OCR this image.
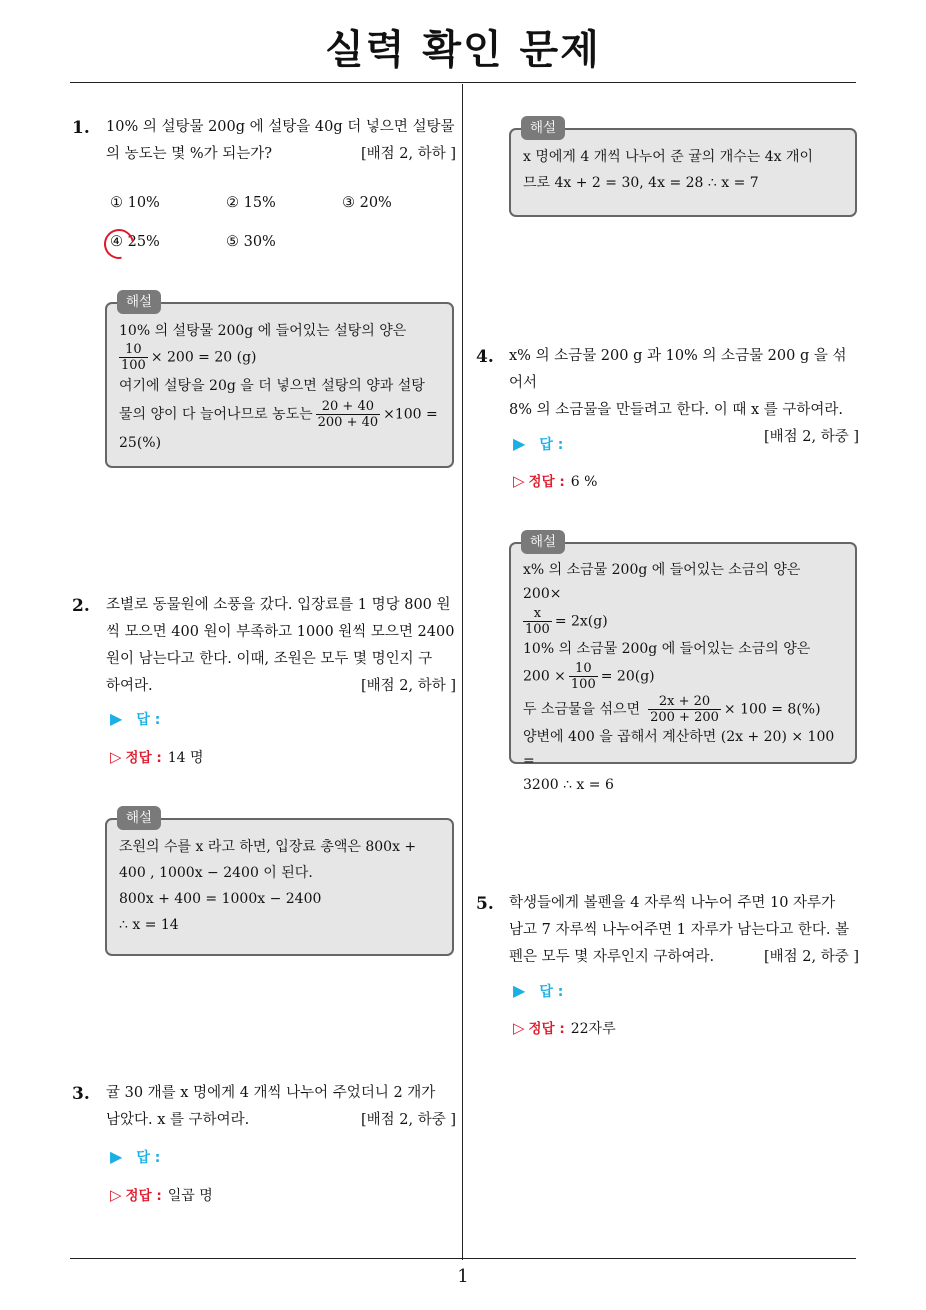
실력 확인 문제
1
1. 10% 의 설탕물 200g 에 설탕을 40g 더 넣으면 설탕물
의 농도는 몇 %가 되는가?	[배점 2, 하하 ]
① 10%	② 15%	③ 20%
④ 25%	⑤ 30%
해설
10% 의 설탕물 200g 에 들어있는 설탕의 양은
$\frac{10}{100} \times 200 = 20$ (g)
여기에 설탕을 20g 을 더 넣으면 설탕의 양과 설탕
물의 양이 다 늘어나므로 농도는 $\frac{20 + 40}{200 + 40} \times 100$ =
25(%)
2. 조별로 동물원에 소풍을 갔다. 입장료를 1 명당 800 원
씩 모으면 400 원이 부족하고 1000 원씩 모으면 2400
원이 남는다고 한다. 이때, 조원은 모두 몇 명인지 구
하여라.	[배점 2, 하하 ]
▶ 답 :
▷ 정답 : 14 명
해설
조원의 수를 x 라고 하면, 입장료 총액은 800x +
400 , 1000x − 2400 이 된다.
800x + 400 = 1000x − 2400
∴ x = 14
3. 귤 30 개를 x 명에게 4 개씩 나누어 주었더니 2 개가
남았다. x 를 구하여라.	[배점 2, 하중 ]
▶ 답 :
▷ 정답 : 일곱 명
해설
x 명에게 4 개씩 나누어 준 귤의 개수는 4x 개이
므로 4x + 2 = 30, 4x = 28 ∴ x = 7
4. x% 의 소금물 200 g 과 10% 의 소금물 200 g 을 섞어서
8% 의 소금물을 만들려고 한다. 이 때 x 를 구하여라.
[배점 2, 하중 ]
▶ 답 :
▷ 정답 : 6 %
해설
x% 의 소금물 200g 에 들어있는 소금의 양은 200×
$\frac{x}{100} = 2x(g)$
10% 의 소금물 200g 에 들어있는 소금의 양은
$200 \times \frac{10}{100} = 20(g)$
두 소금물을 섞으면 $\frac{2x + 20}{200 + 200} \times 100 = 8(\%)$
양변에 400 을 곱해서 계산하면 (2x + 20) × 100 =
3200 ∴ x = 6
5. 학생들에게 볼펜을 4 자루씩 나누어 주면 10 자루가
남고 7 자루씩 나누어주면 1 자루가 남는다고 한다. 볼
펜은 모두 몇 자루인지 구하여라.	[배점 2, 하중 ]
▶ 답 :
▷ 정답 : 22자루
